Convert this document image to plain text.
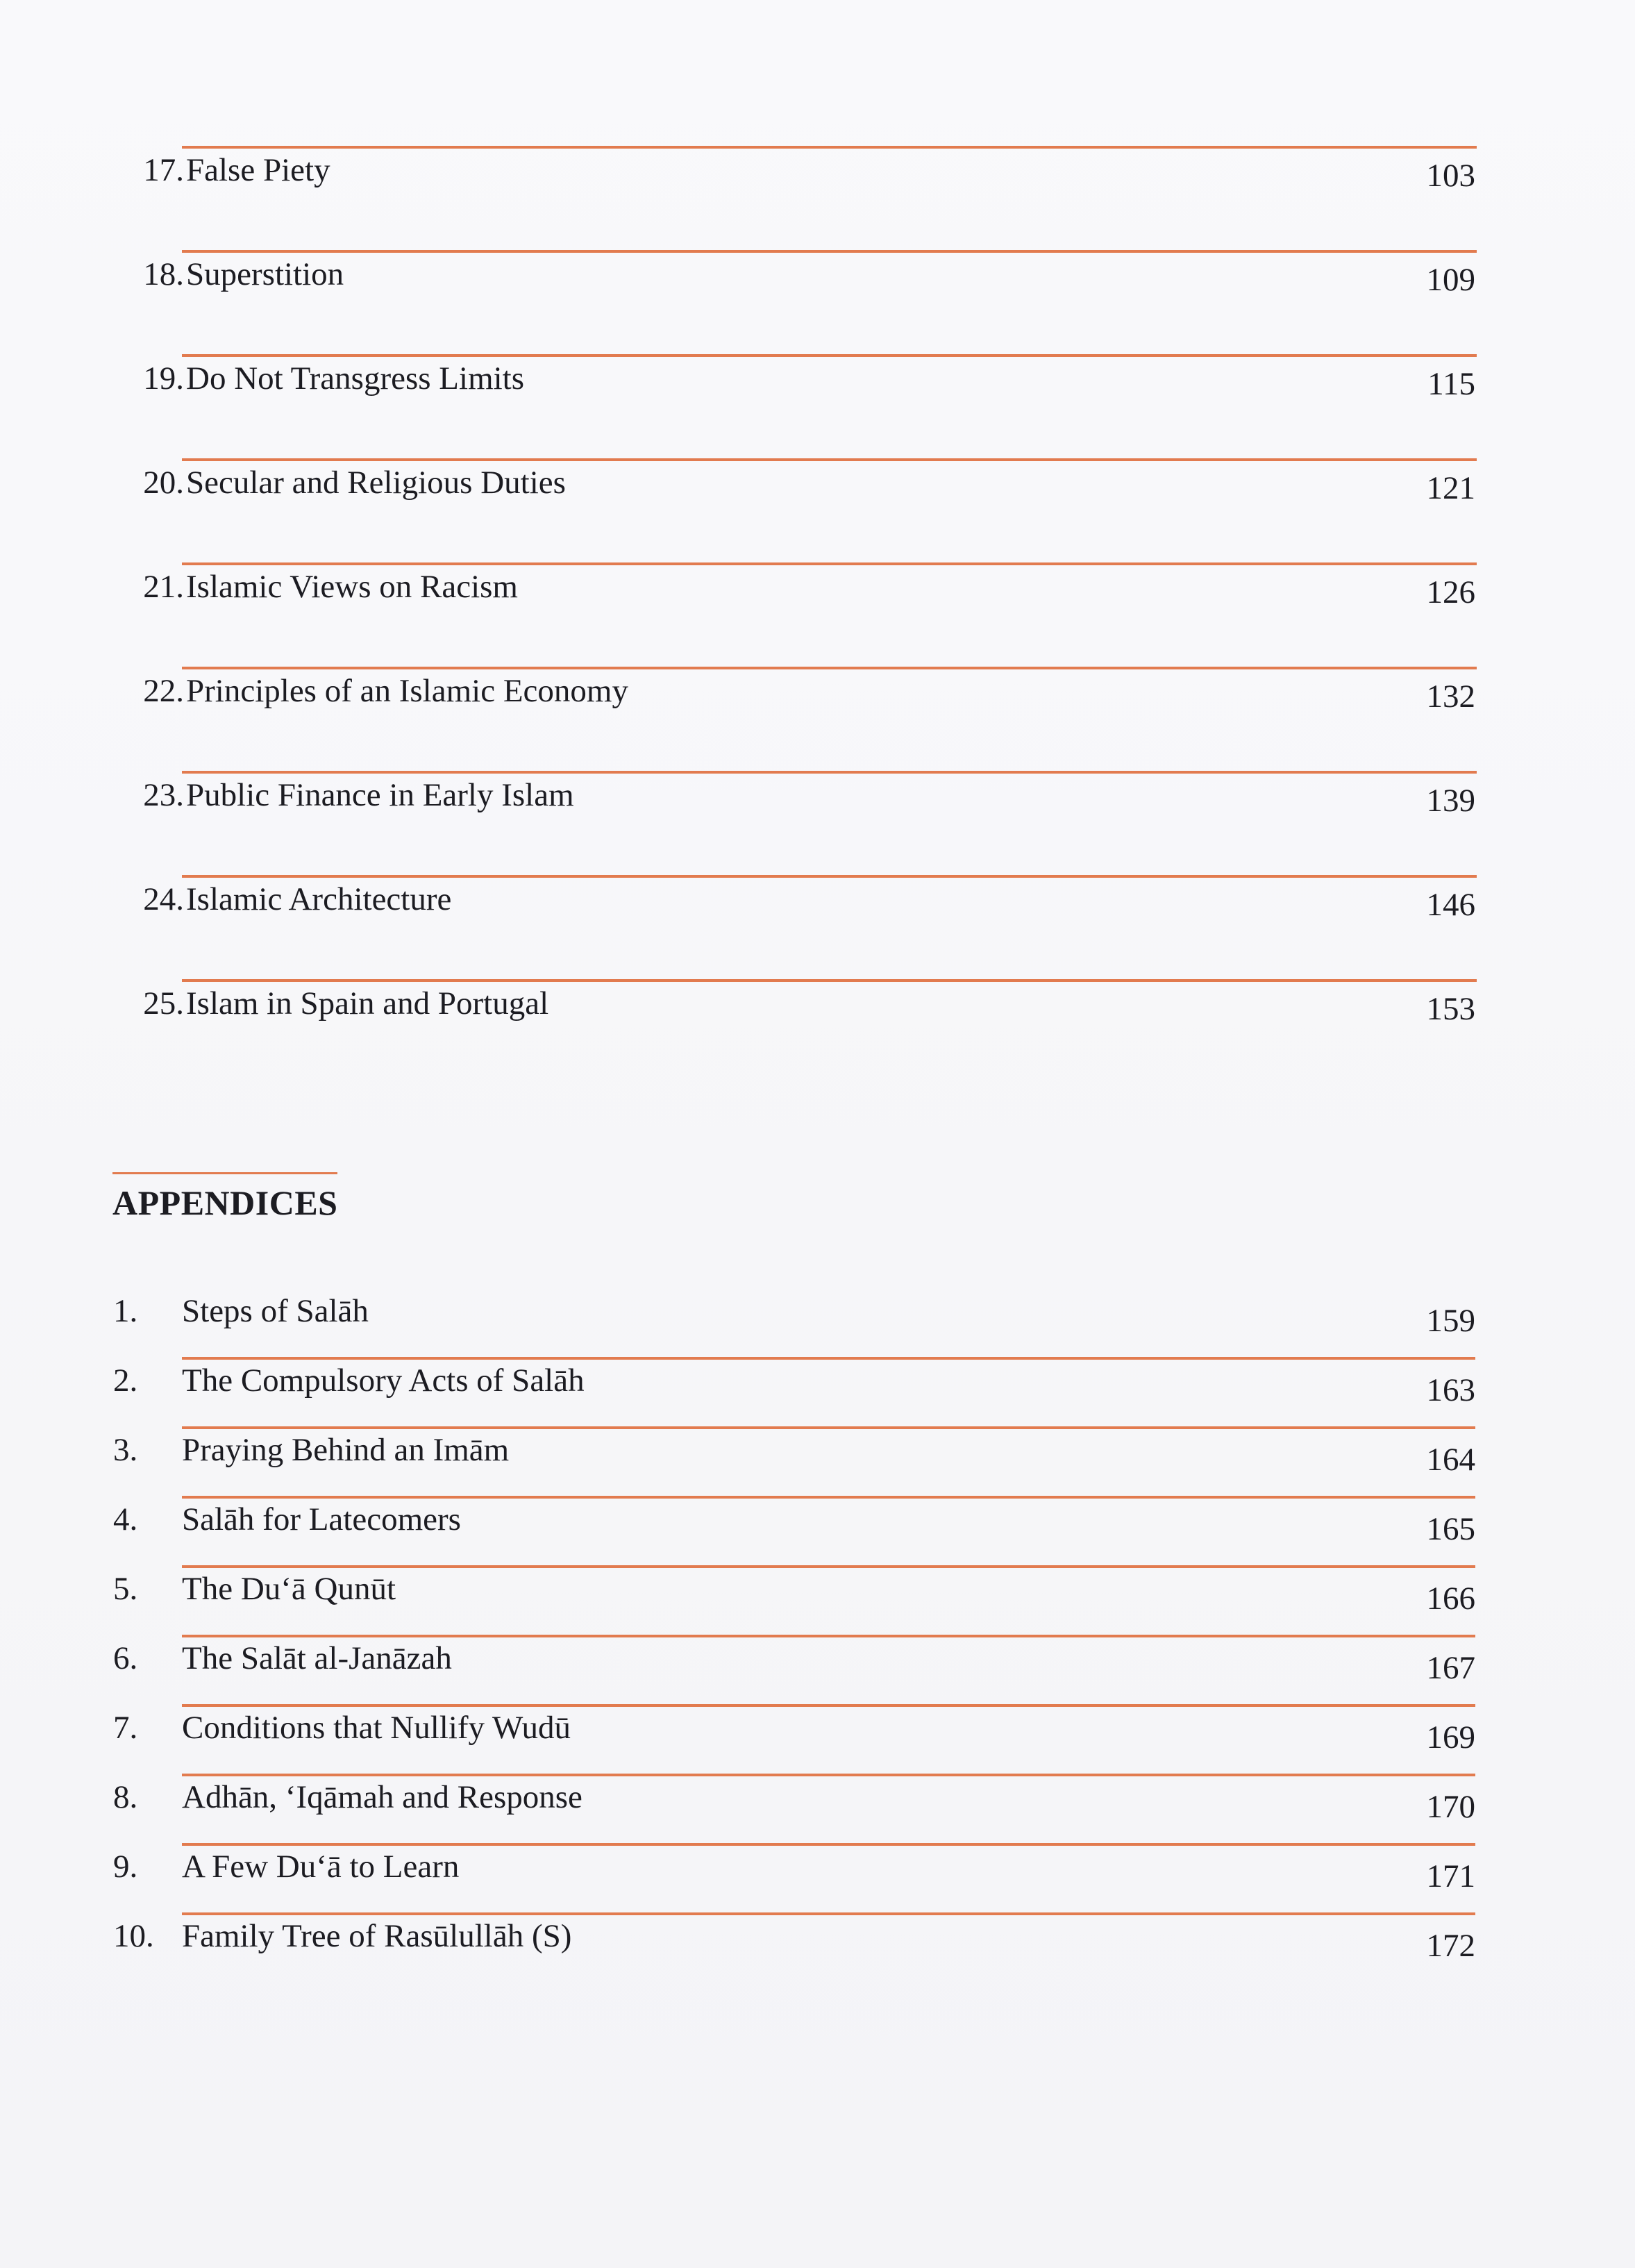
17. False Piety	103
18. Superstition	109
19. Do Not Transgress Limits	115
20. Secular and Religious Duties	121
21. Islamic Views on Racism	126
22. Principles of an Islamic Economy	132
23. Public Finance in Early Islam	139
24. Islamic Architecture	146
25. Islam in Spain and Portugal	153
APPENDICES
1.	Steps of Salāh	159
2.	The Compulsory Acts of Salāh	163
3.	Praying Behind an Imām	164
4.	Salāh for Latecomers	165
5.	The Du‘ā Qunūt	166
6.	The Salāt al-Janāzah	167
7.	Conditions that Nullify Wudū	169
8.	Adhān, ‘Iqāmah and Response	170
9.	A Few Du‘ā to Learn	171
10. Family Tree of Rasūlullāh (S)	172
